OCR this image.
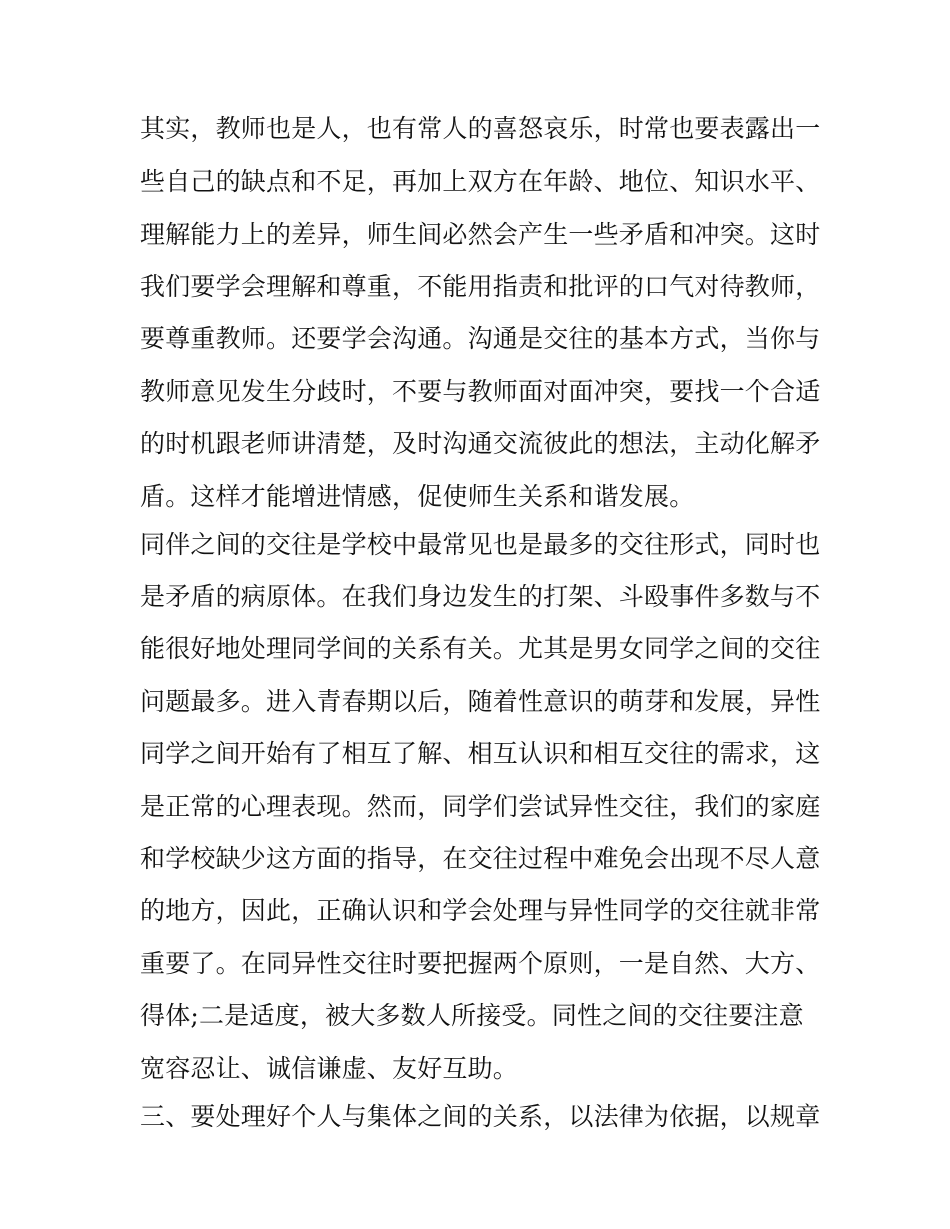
其实，教师也是人，也有常人的喜怒哀乐，时常也要表露出一
些自己的缺点和不足，再加上双方在年龄、地位、知识水平、
理解能力上的差异，师生间必然会产生一些矛盾和冲突。这时
我们要学会理解和尊重，不能用指责和批评的口气对待教师，
要尊重教师。还要学会沟通。沟通是交往的基本方式，当你与
教师意见发生分歧时，不要与教师面对面冲突，要找一个合适
的时机跟老师讲清楚，及时沟通交流彼此的想法，主动化解矛
盾。这样才能增进情感，促使师生关系和谐发展。
同伴之间的交往是学校中最常见也是最多的交往形式，同时也
是矛盾的病原体。在我们身边发生的打架、斗殴事件多数与不
能很好地处理同学间的关系有关。尤其是男女同学之间的交往
问题最多。进入青春期以后，随着性意识的萌芽和发展，异性
同学之间开始有了相互了解、相互认识和相互交往的需求，这
是正常的心理表现。然而，同学们尝试异性交往，我们的家庭
和学校缺少这方面的指导，在交往过程中难免会出现不尽人意
的地方，因此，正确认识和学会处理与异性同学的交往就非常
重要了。在同异性交往时要把握两个原则，一是自然、大方、
得体;二是适度，被大多数人所接受。同性之间的交往要注意
宽容忍让、诚信谦虚、友好互助。
三、要处理好个人与集体之间的关系，以法律为依据，以规章
